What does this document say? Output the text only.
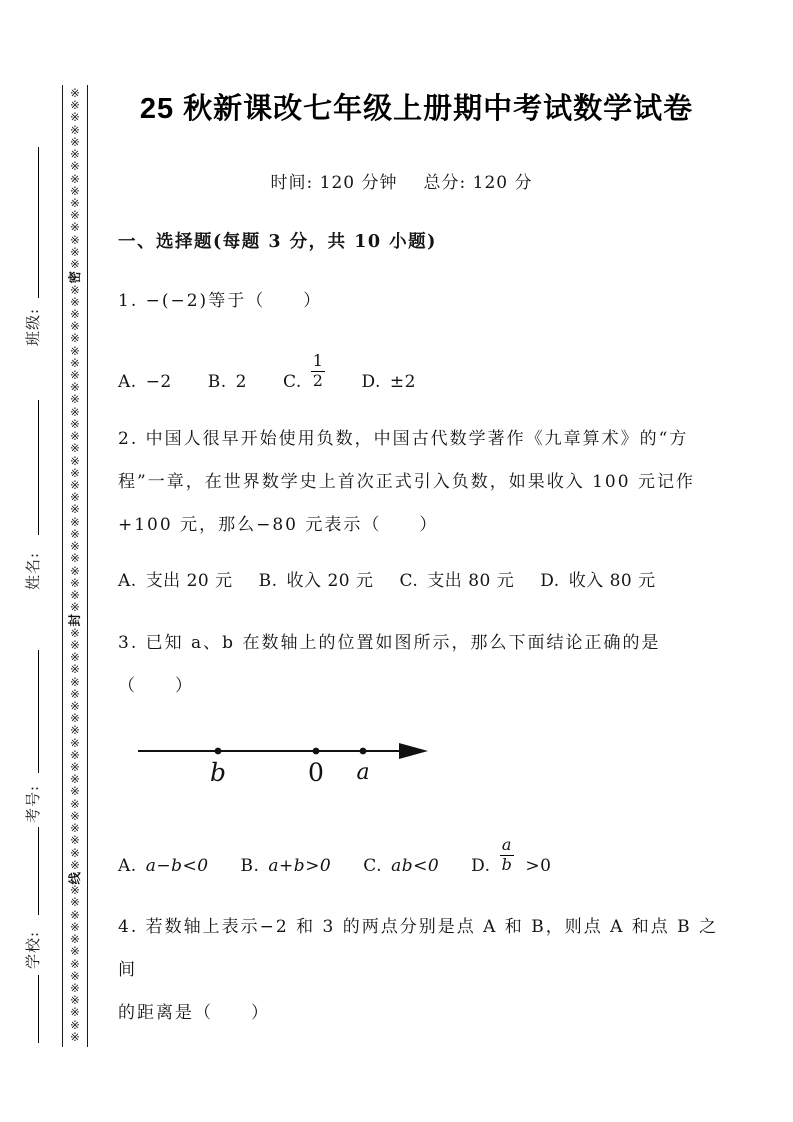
※
※
※
※
※
※
※
※
※
※
※
※
※
※
※
密
※
※
※
※
※
※
※
※
※
※
※
※
※
※
※
※
※
※
※
※
※
※
※
※
※
※
※
封
※
※
※
※
※
※
※
※
※
※
※
※
※
※
※
※
※
※
※
※
线
※
※
※
※
※
※
※
※
※
※
※
※
※
班级:
姓名:
考号:
学校:
25 秋新课改七年级上册期中考试数学试卷
时间: 120 分钟 总分: 120 分
一、选择题(每题 3 分，共 10 小题)
1. −(−2)等于（　　）
A. −2 B. 2 C. $\frac{1}{2} D$. ±2
2. 中国人很早开始使用负数，中国古代数学著作《九章算术》的“方
程”一章，在世界数学史上首次正式引入负数，如果收入 100 元记作
+100 元，那么−80 元表示（　　）
A. 支出 20 元 B. 收入 20 元 C. 支出 80 元 D. 收入 80 元
3. 已知 a、b 在数轴上的位置如图所示，那么下面结论正确的是
（　　）
b	0 a
A. a−b<0 B. a+b>0 C. ab<0 D. $\frac{a}{b} >0$
4. 若数轴上表示−2 和 3 的两点分别是点 A 和 B，则点 A 和点 B 之间
的距离是（　　）
